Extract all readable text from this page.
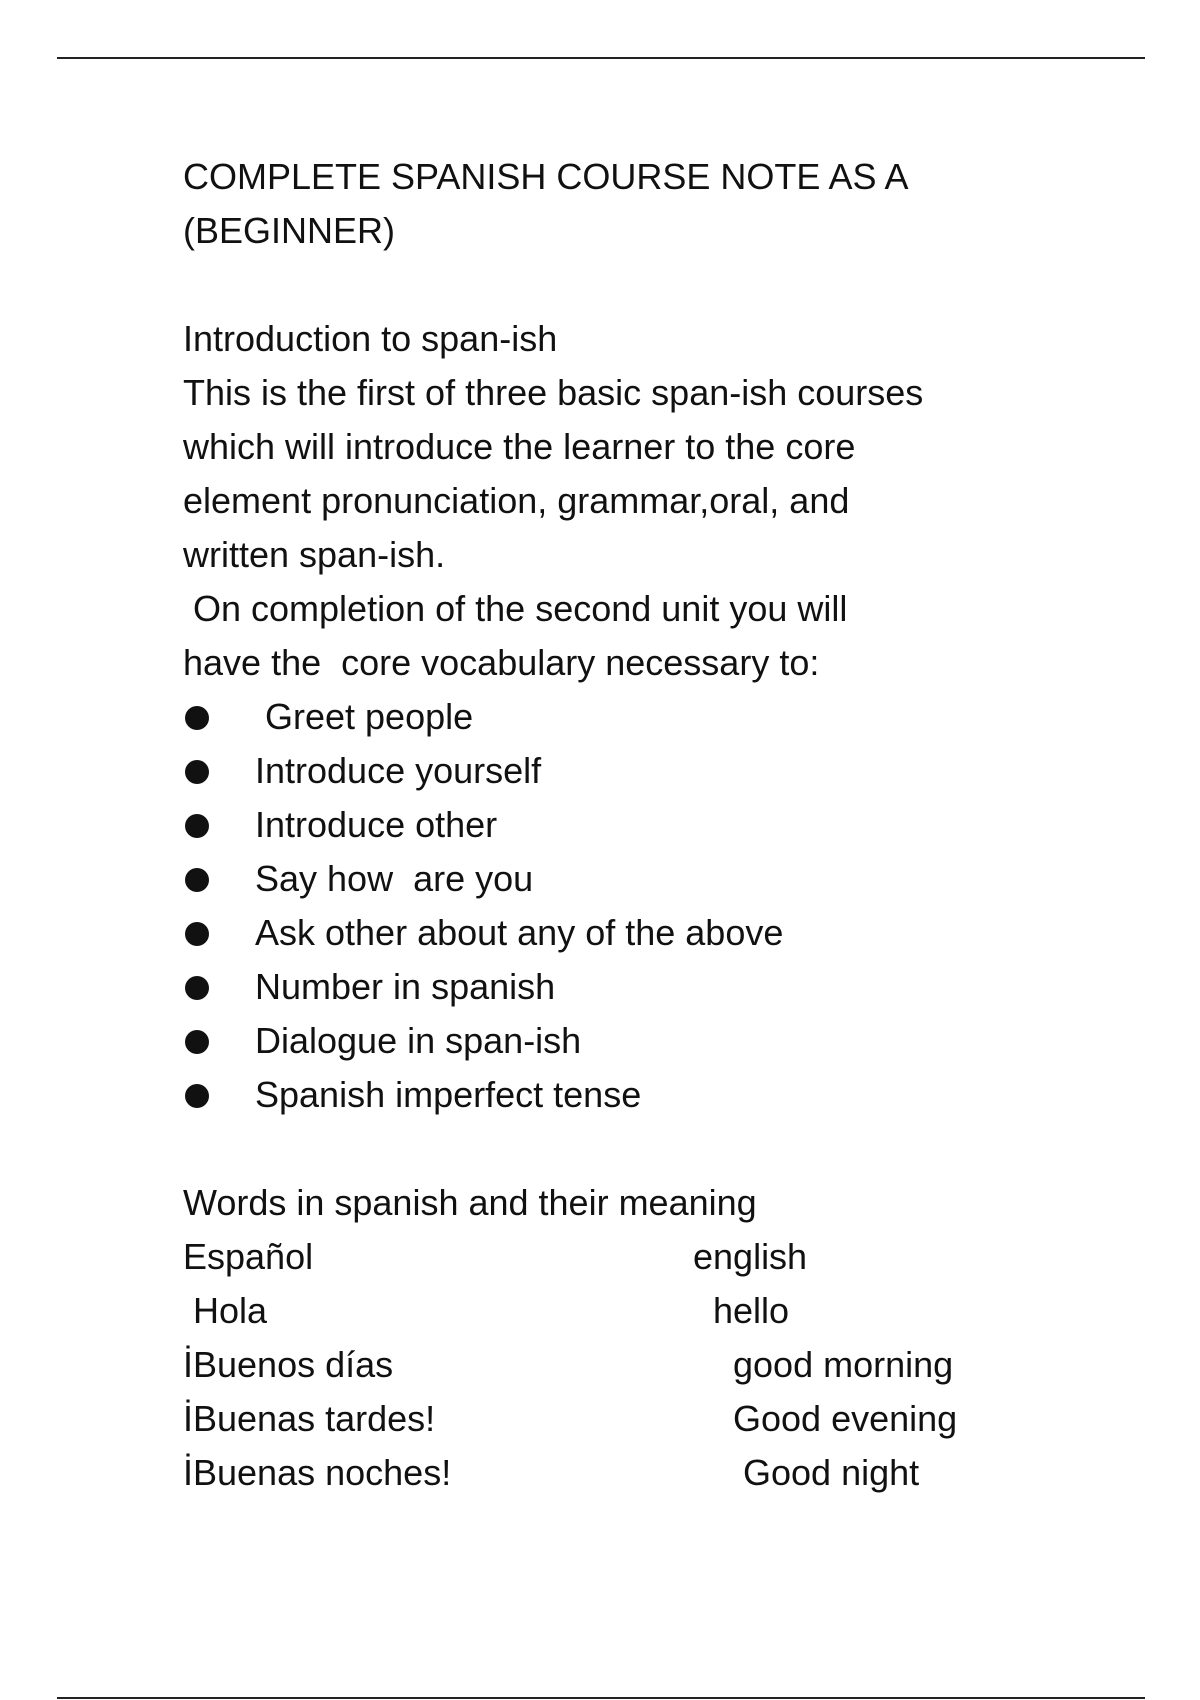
COMPLETE SPANISH COURSE NOTE AS A

(BEGINNER)

Introduction to span-ish

This is the first of three basic span-ish courses

which will introduce the learner to the core

element pronunciation, grammar,oral, and

written span-ish.

On completion of the second unit you will

have the  core vocabulary necessary to:

Greet people

Introduce yourself

Introduce other

Say how  are you

Ask other about any of the above

Number in spanish

Dialogue in span-ish

Spanish imperfect tense

Words in spanish and their meaning

Español	english
Hola	hello
İBuenos días	good morning
İBuenas tardes!	Good evening
İBuenas noches!	Good night
